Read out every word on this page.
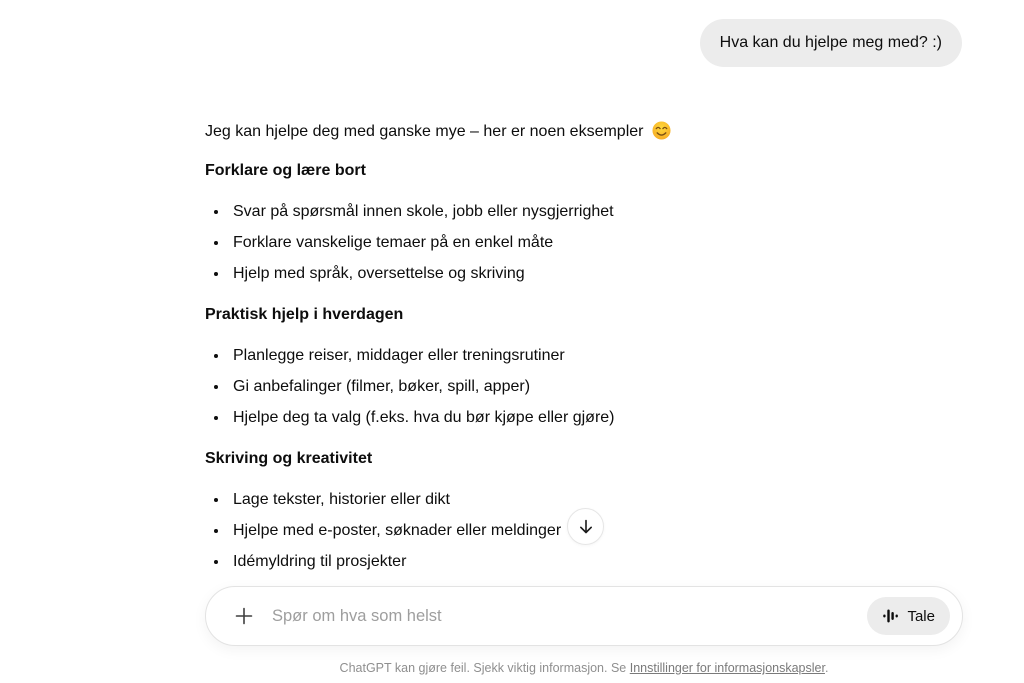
Hva kan du hjelpe meg med? :)

Jeg kan hjelpe deg med ganske mye – her er noen eksempler

Forklare og lære bort
• Svar på spørsmål innen skole, jobb eller nysgjerrighet
• Forklare vanskelige temaer på en enkel måte
• Hjelp med språk, oversettelse og skriving
Praktisk hjelp i hverdagen
• Planlegge reiser, middager eller treningsrutiner
• Gi anbefalinger (filmer, bøker, spill, apper)
• Hjelpe deg ta valg (f.eks. hva du bør kjøpe eller gjøre)
Skriving og kreativitet
• Lage tekster, historier eller dikt
• Hjelpe med e-poster, søknader eller meldinger
• Idémyldring til prosjekter
Spør om hva som helst
Tale
ChatGPT kan gjøre feil. Sjekk viktig informasjon. Se Innstillinger for informasjonskapsler.
